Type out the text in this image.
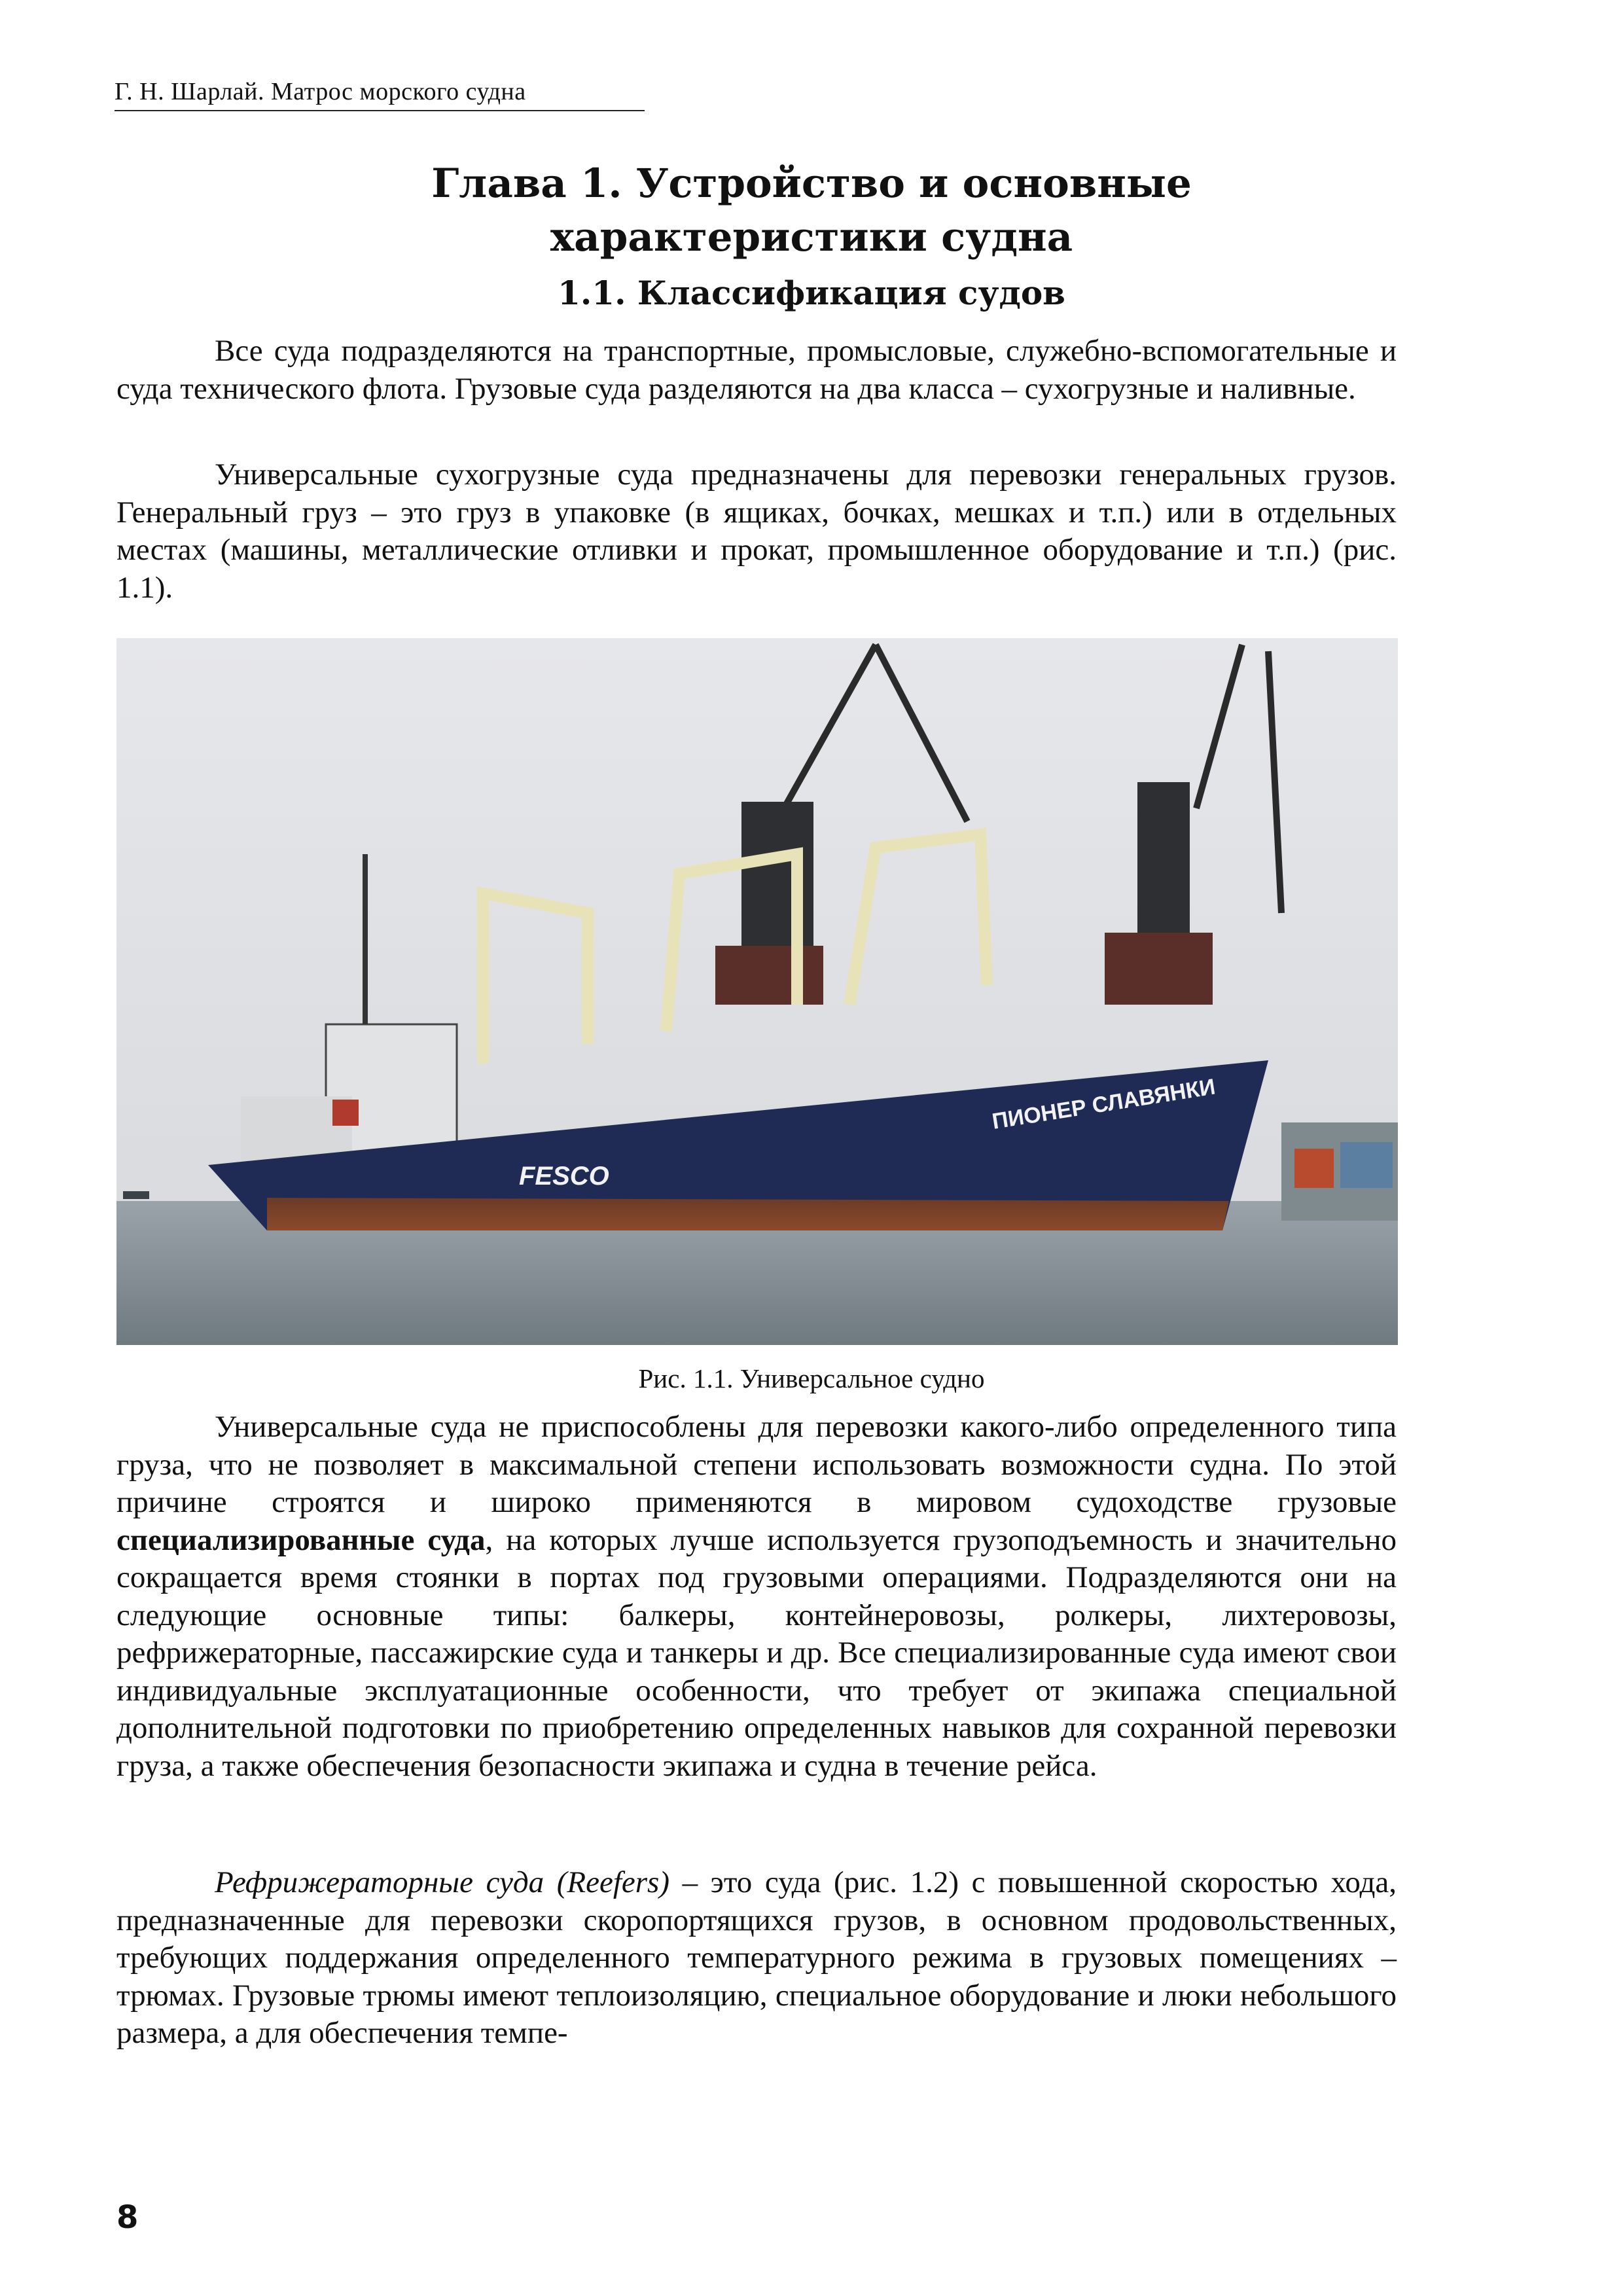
Г. Н. Шарлай. Матрос морского судна
Глава 1. Устройство и основные
характеристики судна
1.1. Классификация судов

Все суда подразделяются на транспортные, промысловые, служебно-вспомогательные и суда технического флота. Грузовые суда разделяются на два класса – сухогрузные и наливные.

Универсальные сухогрузные суда предназначены для перевозки генеральных грузов. Генеральный груз – это груз в упаковке (в ящиках, бочках, мешках и т.п.) или в отдельных местах (машины, металлические отливки и прокат, промышленное оборудование и т.п.) (рис. 1.1).

ПИОНЕР СЛАВЯНКИ
FESCO
Рис. 1.1. Универсальное судно

Универсальные суда не приспособлены для перевозки какого-либо определенного типа груза, что не позволяет в максимальной степени использовать возможности судна. По этой причине строятся и широко применяются в мировом судоходстве грузовые специализированные суда, на которых лучше используется грузоподъемность и значительно сокращается время стоянки в портах под грузовыми операциями. Подразделяются они на следующие основные типы: балкеры, контейнеровозы, ролкеры, лихтеровозы, рефрижераторные, пассажирские суда и танкеры и др. Все специализированные суда имеют свои индивидуальные эксплуатационные особенности, что требует от экипажа специальной дополнительной подготовки по приобретению определенных навыков для сохранной перевозки груза, а также обеспечения безопасности экипажа и судна в течение рейса.

Рефрижераторные суда (Reefers) – это суда (рис. 1.2) с повышенной скоростью хода, предназначенные для перевозки скоропортящихся грузов, в основном продовольственных, требующих поддержания определенного температурного режима в грузовых помещениях – трюмах. Грузовые трюмы имеют теплоизоляцию, специальное оборудование и люки небольшого размера, а для обеспечения темпе-

8
